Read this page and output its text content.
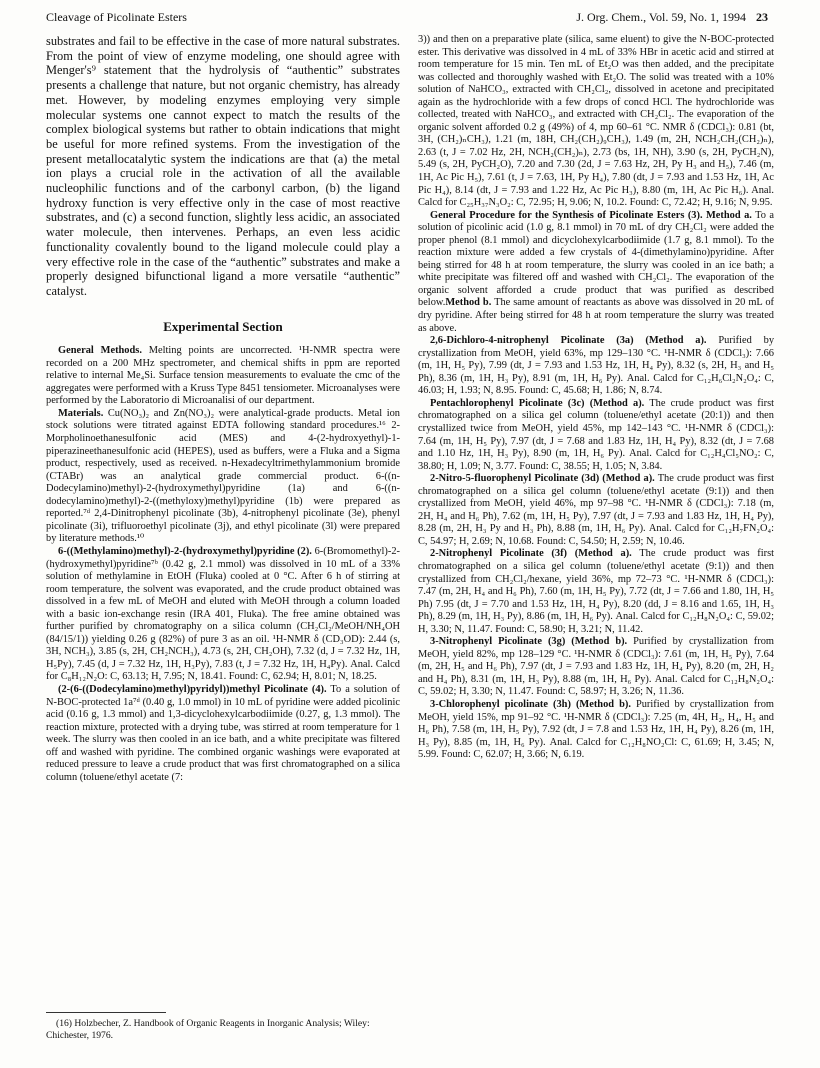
Cleavage of Picolinate Esters	J. Org. Chem., Vol. 59, No. 1, 1994 23

substrates and fail to be effective in the case of more natural substrates. From the point of view of enzyme modeling, one should agree with Menger's⁹ statement that the hydrolysis of “authentic” substrates presents a challenge that nature, but not organic chemistry, has already met. However, by modeling enzymes employing very simple molecular systems one cannot expect to match the results of the complex biological systems but rather to obtain indications that might be useful for more refined systems. From the investigation of the present metallocatalytic system the indications are that (a) the metal ion plays a crucial role in the activation of all the available nucleophilic functions and of the carbonyl carbon, (b) the ligand hydroxy function is very effective only in the case of most reactive substrates, and (c) a second function, slightly less acidic, an associated water molecule, then intervenes. Perhaps, an even less acidic functionality covalently bound to the ligand molecule could play a very effective role in the case of the “authentic” substrates and make a properly designed bifunctional ligand a more versatile “authentic” catalyst.

Experimental Section

General Methods. Melting points are uncorrected. ¹H-NMR spectra were recorded on a 200 MHz spectrometer, and chemical shifts in ppm are reported relative to internal Me₄Si. Surface tension measurements to evaluate the cmc of the aggregates were performed with a Kruss Type 8451 tensiometer. Microanalyses were performed by the Laboratorio di Microanalisi of our department.

Materials. Cu(NO₃)₂ and Zn(NO₃)₂ were analytical-grade products. Metal ion stock solutions were titrated against EDTA following standard procedures.¹⁶ 2-Morpholinoethanesulfonic acid (MES) and 4-(2-hydroxyethyl)-1-piperazineethanesulfonic acid (HEPES), used as buffers, were a Fluka and a Sigma product, respectively, used as received. n-Hexadecyltrimethylammonium bromide (CTABr) was an analytical grade commercial product. 6-((n-Dodecylamino)methyl)-2-(hydroxymethyl)pyridine (1a) and 6-((n-dodecylamino)methyl)-2-((methyloxy)methyl)pyridine (1b) were prepared as reported.⁷ᵈ 2,4-Dinitrophenyl picolinate (3b), 4-nitrophenyl picolinate (3e), phenyl picolinate (3i), trifluoroethyl picolinate (3j), and ethyl picolinate (3l) were prepared by literature methods.¹⁰

6-((Methylamino)methyl)-2-(hydroxymethyl)pyridine (2). 6-(Bromomethyl)-2-(hydroxymethyl)pyridine⁷ᵇ (0.42 g, 2.1 mmol) was dissolved in 10 mL of a 33% solution of methylamine in EtOH (Fluka) cooled at 0 °C. After 6 h of stirring at room temperature, the solvent was evaporated, and the crude product obtained was dissolved in a few mL of MeOH and eluted with MeOH through a column loaded with a basic ion-exchange resin (IRA 401, Fluka). The free amine obtained was further purified by chromatography on a silica column (CH₂Cl₂/MeOH/NH₄OH (84/15/1)) yielding 0.26 g (82%) of pure 3 as an oil. ¹H-NMR δ (CD₃OD): 2.44 (s, 3H, NCH₃), 3.85 (s, 2H, CH₂NCH₃), 4.73 (s, 2H, CH₂OH), 7.32 (d, J = 7.32 Hz, 1H, H₅Py), 7.45 (d, J = 7.32 Hz, 1H, H₃Py), 7.83 (t, J = 7.32 Hz, 1H, H₄Py). Anal. Calcd for C₈H₁₂N₂O: C, 63.13; H, 7.95; N, 18.41. Found: C, 62.94; H, 8.01; N, 18.25.

(2-(6-((Dodecylamino)methyl)pyridyl))methyl Picolinate (4). To a solution of N-BOC-protected 1a⁷ᵈ (0.40 g, 1.0 mmol) in 10 mL of pyridine were added picolinic acid (0.16 g, 1.3 mmol) and 1,3-dicyclohexylcarbodiimide (0.27, g, 1.3 mmol). The reaction mixture, protected with a drying tube, was stirred at room temperature for 1 week. The slurry was then cooled in an ice bath, and a white precipitate was filtered off and washed with pyridine. The combined organic washings were evaporated at reduced pressure to leave a crude product that was first chromatographed on a silica column (toluene/ethyl acetate (7:

(16) Holzbecher, Z. Handbook of Organic Reagents in Inorganic Analysis; Wiley: Chichester, 1976.

3)) and then on a preparative plate (silica, same eluent) to give the N-BOC-protected ester. This derivative was dissolved in 4 mL of 33% HBr in acetic acid and stirred at room temperature for 15 min. Ten mL of Et₂O was then added, and the precipitate was collected and thoroughly washed with Et₂O. The solid was treated with a 10% solution of NaHCO₃, extracted with CH₂Cl₂, dissolved in acetone and precipitated again as the hydrochloride with a few drops of concd HCl. The hydrochloride was collected, treated with NaHCO₃, and extracted with CH₂Cl₂. The evaporation of the organic solvent afforded 0.2 g (49%) of 4, mp 60–61 °C. NMR δ (CDCl₃): 0.81 (bt, 3H, (CH₂)ₙCH₃), 1.21 (m, 18H, CH₂(CH₂)₉CH₃), 1.49 (m, 2H, NCH₂CH₂(CH₂)ₙ), 2.63 (t, J = 7.02 Hz, 2H, NCH₂(CH₂)ₙ), 2.73 (bs, 1H, NH), 3.90 (s, 2H, PyCH₂N), 5.49 (s, 2H, PyCH₂O), 7.20 and 7.30 (2d, J = 7.63 Hz, 2H, Py H₃ and H₅), 7.46 (m, 1H, Ac Pic H₅), 7.61 (t, J = 7.63, 1H, Py H₄), 7.80 (dt, J = 7.93 and 1.53 Hz, 1H, Ac Pic H₄), 8.14 (dt, J = 7.93 and 1.22 Hz, Ac Pic H₃), 8.80 (m, 1H, Ac Pic H₆). Anal. Calcd for C₂₅H₃₇N₃O₂: C, 72.95; H, 9.06; N, 10.2. Found: C, 72.42; H, 9.16; N, 9.95.

General Procedure for the Synthesis of Picolinate Esters (3). Method a. To a solution of picolinic acid (1.0 g, 8.1 mmol) in 70 mL of dry CH₂Cl₂ were added the proper phenol (8.1 mmol) and dicyclohexylcarbodiimide (1.7 g, 8.1 mmol). To the reaction mixture were added a few crystals of 4-(dimethylamino)pyridine. After being stirred for 48 h at room temperature, the slurry was cooled in an ice bath; a white precipitate was filtered off and washed with CH₂Cl₂. The evaporation of the organic solvent afforded a crude product that was purified as described below.Method b. The same amount of reactants as above was dissolved in 20 mL of dry pyridine. After being stirred for 48 h at room temperature the slurry was treated as above.

2,6-Dichloro-4-nitrophenyl Picolinate (3a) (Method a). Purified by crystallization from MeOH, yield 63%, mp 129–130 °C. ¹H-NMR δ (CDCl₃): 7.66 (m, 1H, H₅ Py), 7.99 (dt, J = 7.93 and 1.53 Hz, 1H, H₄ Py), 8.32 (s, 2H, H₃ and H₅ Ph), 8.36 (m, 1H, H₃ Py), 8.91 (m, 1H, H₆ Py). Anal. Calcd for C₁₂H₆Cl₂N₂O₄: C, 46.03; H, 1.93; N, 8.95. Found: C, 45.68; H, 1.86; N, 8.74.

Pentachlorophenyl Picolinate (3c) (Method a). The crude product was first chromatographed on a silica gel column (toluene/ethyl acetate (20:1)) and then crystallized twice from MeOH, yield 45%, mp 142–143 °C. ¹H-NMR δ (CDCl₃): 7.64 (m, 1H, H₅ Py), 7.97 (dt, J = 7.68 and 1.83 Hz, 1H, H₄ Py), 8.32 (dt, J = 7.68 and 1.10 Hz, 1H, H₃ Py), 8.90 (m, 1H, H₆ Py). Anal. Calcd for C₁₂H₄Cl₅NO₂: C, 38.80; H, 1.09; N, 3.77. Found: C, 38.55; H, 1.05; N, 3.84.

2-Nitro-5-fluorophenyl Picolinate (3d) (Method a). The crude product was first chromatographed on a silica gel column (toluene/ethyl acetate (9:1)) and then crystallized from MeOH, yield 46%, mp 97–98 °C. ¹H-NMR δ (CDCl₃): 7.18 (m, 2H, H₄ and H₆ Ph), 7.62 (m, 1H, H₅ Py), 7.97 (dt, J = 7.93 and 1.83 Hz, 1H, H₄ Py), 8.28 (m, 2H, H₃ Py and H₃ Ph), 8.88 (m, 1H, H₆ Py). Anal. Calcd for C₁₂H₇FN₂O₄: C, 54.97; H, 2.69; N, 10.68. Found: C, 54.50; H, 2.59; N, 10.46.

2-Nitrophenyl Picolinate (3f) (Method a). The crude product was first chromatographed on a silica gel column (toluene/ethyl acetate (9:1)) and then crystallized from CH₂Cl₂/hexane, yield 36%, mp 72–73 °C. ¹H-NMR δ (CDCl₃): 7.47 (m, 2H, H₄ and H₆ Ph), 7.60 (m, 1H, H₅ Py), 7.72 (dt, J = 7.66 and 1.80, 1H, H₅ Ph) 7.95 (dt, J = 7.70 and 1.53 Hz, 1H, H₄ Py), 8.20 (dd, J = 8.16 and 1.65, 1H, H₃ Ph), 8.29 (m, 1H, H₃ Py), 8.86 (m, 1H, H₆ Py). Anal. Calcd for C₁₂H₈N₂O₄: C, 59.02; H, 3.30; N, 11.47. Found: C, 58.90; H, 3.21; N, 11.42.

3-Nitrophenyl Picolinate (3g) (Method b). Purified by crystallization from MeOH, yield 82%, mp 128–129 °C. ¹H-NMR δ (CDCl₃): 7.61 (m, 1H, H₅ Py), 7.64 (m, 2H, H₅ and H₆ Ph), 7.97 (dt, J = 7.93 and 1.83 Hz, 1H, H₄ Py), 8.20 (m, 2H, H₂ and H₄ Ph), 8.31 (m, 1H, H₃ Py), 8.88 (m, 1H, H₆ Py). Anal. Calcd for C₁₂H₈N₂O₄: C, 59.02; H, 3.30; N, 11.47. Found: C, 58.97; H, 3.26; N, 11.36.

3-Chlorophenyl picolinate (3h) (Method b). Purified by crystallization from MeOH, yield 15%, mp 91–92 °C. ¹H-NMR δ (CDCl₃): 7.25 (m, 4H, H₂, H₄, H₅ and H₆ Ph), 7.58 (m, 1H, H₅ Py), 7.92 (dt, J = 7.8 and 1.53 Hz, 1H, H₄ Py), 8.26 (m, 1H, H₃ Py), 8.85 (m, 1H, H₆ Py). Anal. Calcd for C₁₂H₈NO₂Cl: C, 61.69; H, 3.45; N, 5.99. Found: C, 62.07; H, 3.66; N, 6.19.
